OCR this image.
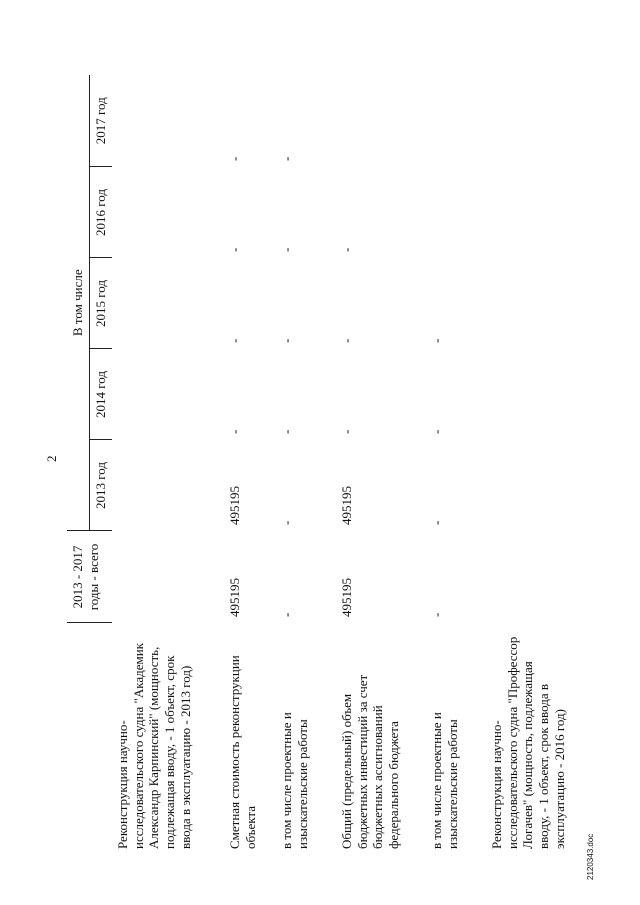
2
	2013 - 2017 годы - всего	В том числе				
		2013 год	2014 год	2015 год	2016 год	2017 год
Реконструкция научно-исследовательского судна "Академик Александр Карпинский" (мощность, подлежащая вводу, - 1 объект, срок ввода в эксплуатацию - 2013 год)						
Сметная стоимость реконструкции объекта	495195	495195	-	-	-	-
в том числе проектные и изыскательские работы	-	-	-	-	-	-
Общий (предельный) объем бюджетных инвестиций за счет бюджетных ассигнований федерального бюджета	495195	495195	-	-	-	
в том числе проектные и изыскательские работы	-	-	-	-		
Реконструкция научно-исследовательского судна "Профессор Логачев" (мощность, подлежащая вводу, - 1 объект, срок ввода в эксплуатацию - 2016 год)						
2120343.doc
